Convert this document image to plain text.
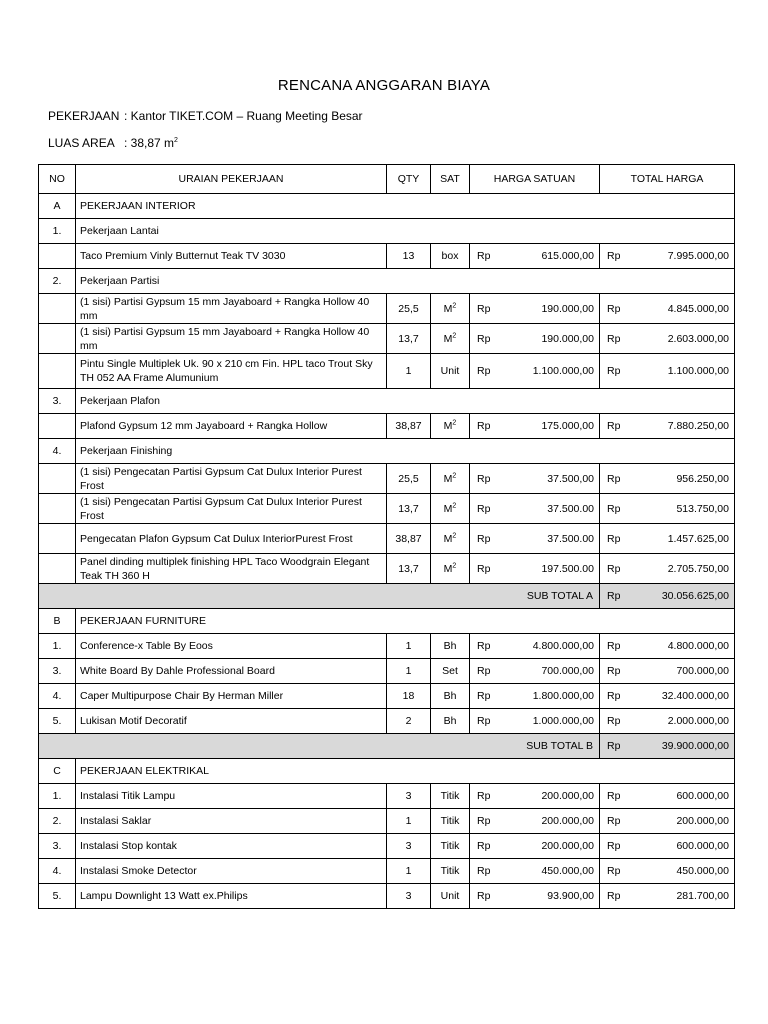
RENCANA ANGGARAN BIAYA
PEKERJAAN : Kantor TIKET.COM – Ruang Meeting Besar
LUAS AREA : 38,87 $m^2$
NO	URAIAN PEKERJAAN	QTY	SAT	HARGA SATUAN	TOTAL HARGA
A	PEKERJAAN INTERIOR				
1.	Pekerjaan Lantai				
	Taco Premium Vinly Butternut Teak TV 3030	13	box	Rp 615.000,00	Rp 7.995.000,00

2.	Pekerjaan Partisi				
	(1 sisi) Partisi Gypsum 15 mm Jayaboard + Rangka Hollow 40 mm	25,5	$M^2$	Rp 190.000,00	Rp 4.845.000,00

	(1 sisi) Partisi Gypsum 15 mm Jayaboard + Rangka Hollow 40 mm	13,7	$M^2$	Rp 190.000,00	Rp 2.603.000,00

	Pintu Single Multiplek Uk. 90 x 210 cm Fin. HPL taco Trout Sky TH 052 AA Frame Alumunium	1	Unit	Rp 1.100.000,00	Rp 1.100.000,00

3.	Pekerjaan Plafon				
	Plafond Gypsum 12 mm Jayaboard + Rangka Hollow	38,87	$M^2$	Rp 175.000,00	Rp 7.880.250,00

4.	Pekerjaan Finishing				
	(1 sisi) Pengecatan Partisi Gypsum Cat Dulux Interior Purest Frost	25,5	$M^2$	Rp 37.500,00	Rp 956.250,00

	(1 sisi) Pengecatan Partisi Gypsum Cat Dulux Interior Purest Frost	13,7	$M^2$	Rp 37.500.00	Rp 513.750,00

	Pengecatan Plafon Gypsum Cat Dulux InteriorPurest Frost	38,87	$M^2$	Rp 37.500.00	Rp 1.457.625,00

	Panel dinding multiplek finishing HPL Taco Woodgrain Elegant Teak TH 360 H	13,7	$M^2$	Rp 197.500.00	Rp 2.705.750,00

SUB TOTAL A					Rp 30.056.625,00

B	PEKERJAAN FURNITURE				
1.	Conference-x Table By Eoos	1	Bh	Rp 4.800.000,00	Rp 4.800.000,00

3.	White Board By Dahle Professional Board	1	Set	Rp 700.000,00	Rp 700.000,00

4.	Caper Multipurpose Chair By Herman Miller	18	Bh	Rp 1.800.000,00	Rp 32.400.000,00

5.	Lukisan Motif Decoratif	2	Bh	Rp 1.000.000,00	Rp 2.000.000,00

SUB TOTAL B					Rp 39.900.000,00

C	PEKERJAAN ELEKTRIKAL				
1.	Instalasi Titik Lampu	3	Titik	Rp 200.000,00	Rp 600.000,00

2.	Instalasi Saklar	1	Titik	Rp 200.000,00	Rp 200.000,00

3.	Instalasi Stop kontak	3	Titik	Rp 200.000,00	Rp 600.000,00

4.	Instalasi Smoke Detector	1	Titik	Rp 450.000,00	Rp 450.000,00

5.	Lampu Downlight 13 Watt ex.Philips	3	Unit	Rp 93.900,00	Rp 281.700,00
